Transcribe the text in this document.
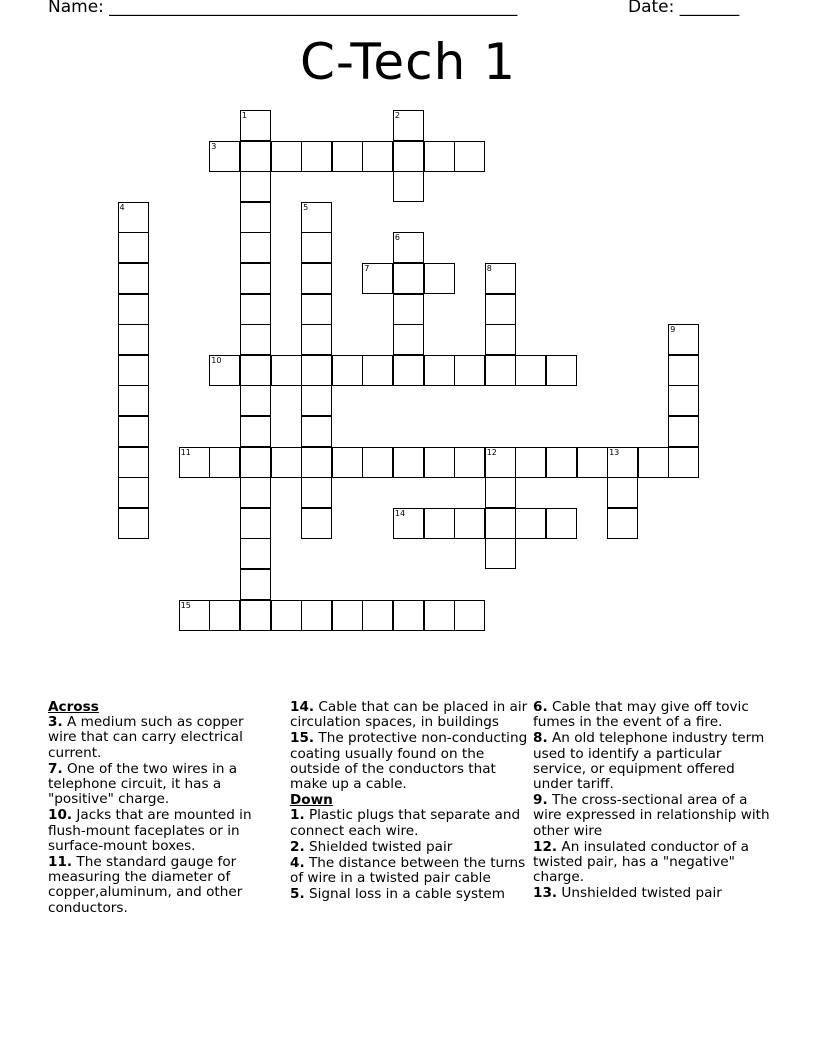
Name: ________________________________________________	Date: _______
C-Tech 1
1	2
3
4	5
6
7	8
9
10
11	12	13
14
15
Across
3. A medium such as copper wire that can carry electrical current.
7. One of the two wires in a telephone circuit, it has a "positive" charge.
10. Jacks that are mounted in flush-mount faceplates or in surface-mount boxes.
11. The standard gauge for measuring the diameter of copper,aluminum, and other conductors.
14. Cable that can be placed in air circulation spaces, in buildings
15. The protective non-conducting coating usually found on the outside of the conductors that make up a cable.
Down
1. Plastic plugs that separate and connect each wire.
2. Shielded twisted pair
4. The distance between the turns of wire in a twisted pair cable
5. Signal loss in a cable system
6. Cable that may give off tovic fumes in the event of a fire.
8. An old telephone industry term used to identify a particular service, or equipment offered under tariff.
9. The cross-sectional area of a wire expressed in relationship with other wire
12. An insulated conductor of a twisted pair, has a "negative" charge.
13. Unshielded twisted pair
